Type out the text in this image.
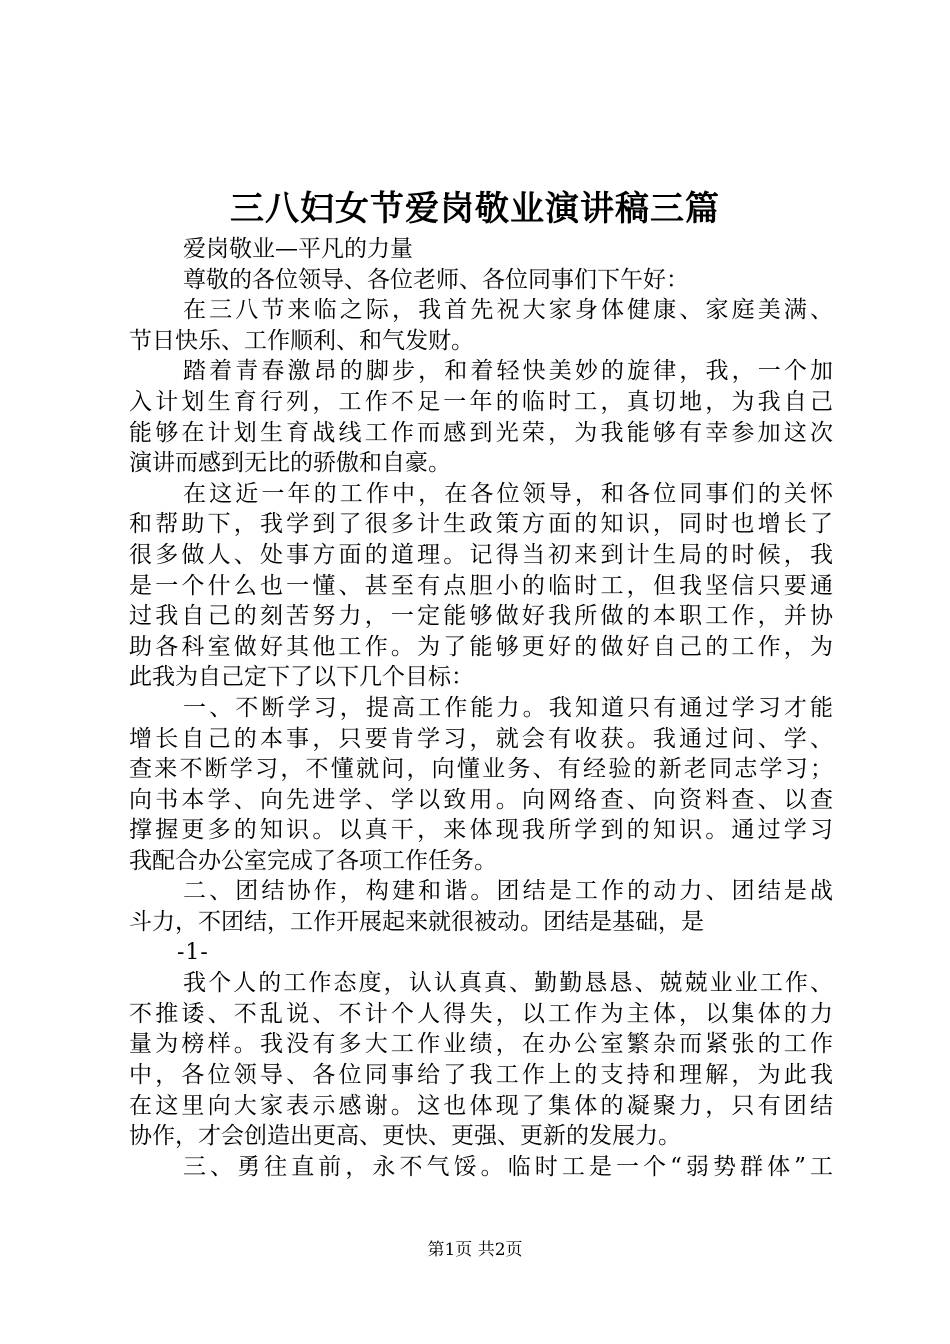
三八妇女节爱岗敬业演讲稿三篇
爱岗敬业—平凡的力量
尊敬的各位领导、各位老师、各位同事们下午好：
在三八节来临之际，我首先祝大家身体健康、家庭美满、
节日快乐、工作顺利、和气发财。
踏着青春激昂的脚步，和着轻快美妙的旋律，我，一个加
入计划生育行列，工作不足一年的临时工，真切地，为我自己
能够在计划生育战线工作而感到光荣，为我能够有幸参加这次
演讲而感到无比的骄傲和自豪。
在这近一年的工作中，在各位领导，和各位同事们的关怀
和帮助下，我学到了很多计生政策方面的知识，同时也增长了
很多做人、处事方面的道理。记得当初来到计生局的时候，我
是一个什么也一懂、甚至有点胆小的临时工，但我坚信只要通
过我自己的刻苦努力，一定能够做好我所做的本职工作，并协
助各科室做好其他工作。为了能够更好的做好自己的工作，为
此我为自己定下了以下几个目标：
一、不断学习，提高工作能力。我知道只有通过学习才能
增长自己的本事，只要肯学习，就会有收获。我通过问、学、
查来不断学习，不懂就问，向懂业务、有经验的新老同志学习；
向书本学、向先进学、学以致用。向网络查、向资料查、以查
撑握更多的知识。以真干，来体现我所学到的知识。通过学习
我配合办公室完成了各项工作任务。
二、团结协作，构建和谐。团结是工作的动力、团结是战
斗力，不团结，工作开展起来就很被动。团结是基础，是
-1-
我个人的工作态度，认认真真、勤勤恳恳、兢兢业业工作、
不推诿、不乱说、不计个人得失，以工作为主体，以集体的力
量为榜样。我没有多大工作业绩，在办公室繁杂而紧张的工作
中，各位领导、各位同事给了我工作上的支持和理解，为此我
在这里向大家表示感谢。这也体现了集体的凝聚力，只有团结
协作，才会创造出更高、更快、更强、更新的发展力。
三、勇往直前，永不气馁。临时工是一个“弱势群体”工
第1页 共2页
